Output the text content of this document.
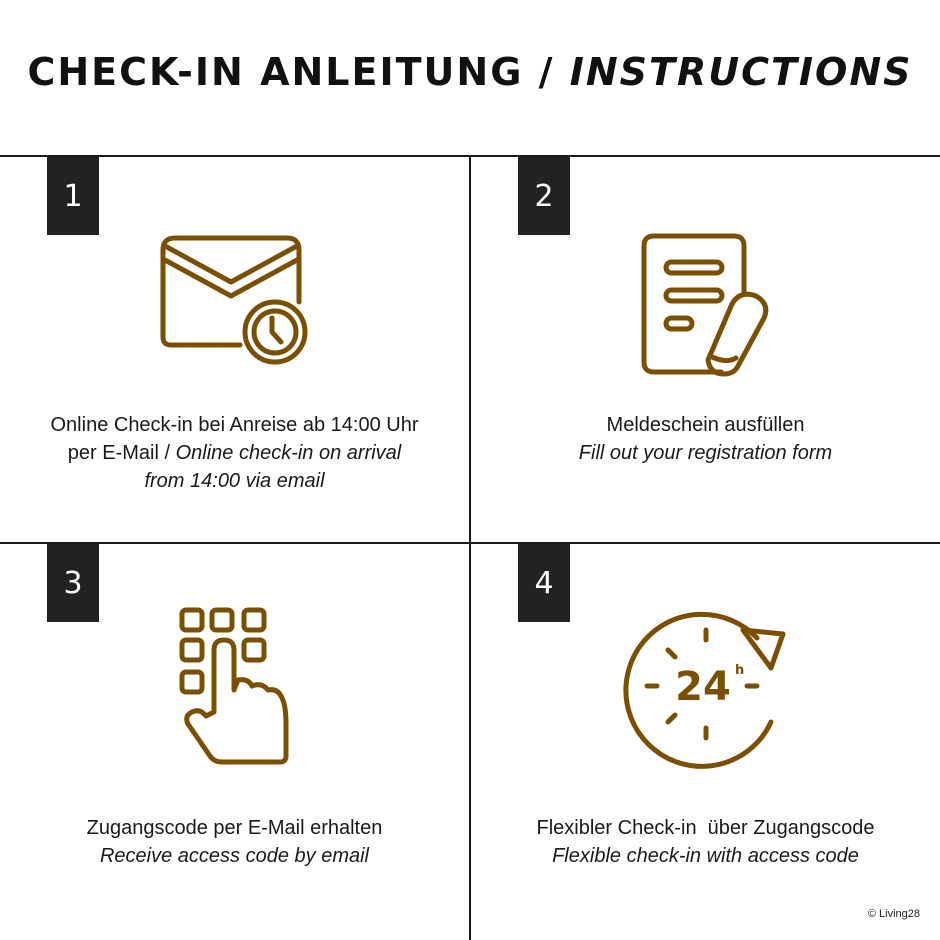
CHECK-IN ANLEITUNG / INSTRUCTIONS
1
Online Check-in bei Anreise ab 14:00 Uhr
per E-Mail / Online check-in on arrival
from 14:00 via email
2
Meldeschein ausfüllen
Fill out your registration form
3
Zugangscode per E-Mail erhalten
Receive access code by email
4
24 h
Flexibler Check-in  über Zugangscode
Flexible check-in with access code
© Living28
